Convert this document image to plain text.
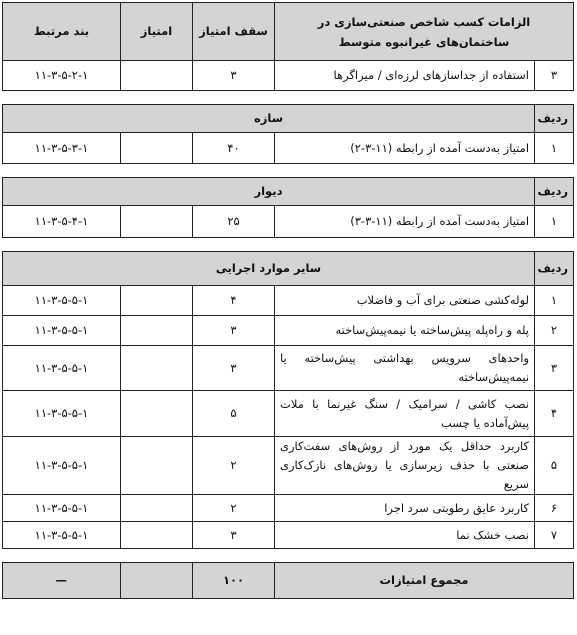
الزامات کسب شاخص صنعتی‌سازی در ساختمان‌های غیرانبوه متوسط		سقف امتیاز	امتیاز	بند مرتبط
۳	استفاده از جداسازهای لرزه‌ای / میراگرها	۳		۱۱-۳-۵-۲-۱

ردیف	سازه			
۱	امتیاز به‌دست آمده از رابطه (۱۱-۳-۲)	۴۰		۱۱-۳-۵-۳-۱

ردیف	دیوار			
۱	امتیاز به‌دست آمده از رابطه (۱۱-۳-۳)	۲۵		۱۱-۳-۵-۴-۱

ردیف	سایر موارد اجرایی			
۱	لوله‌کشی صنعتی برای آب و فاضلاب	۴		۱۱-۳-۵-۵-۱
۲	پله و راه‌پله پیش‌ساخته یا نیمه‌پیش‌ساخته	۳		۱۱-۳-۵-۵-۱
۳	واحدهای سرویس بهداشتی پیش‌ساخته یا نیمه‌پیش‌ساخته	۳		۱۱-۳-۵-۵-۱
۴	نصب کاشی / سرامیک / سنگ غیرنما با ملات پیش‌آماده یا چسب	۵		۱۱-۳-۵-۵-۱
۵	کاربرد حداقل یک مورد از روش‌های سفت‌کاری صنعتی با حذف زیرسازی یا روش‌های نازک‌کاری سریع	۲		۱۱-۳-۵-۵-۱
۶	کاربرد عایق رطوبتی سرد اجرا	۲		۱۱-۳-۵-۵-۱
۷	نصب خشک نما	۳		۱۱-۳-۵-۵-۱

مجموع امتیازات		۱۰۰		—
